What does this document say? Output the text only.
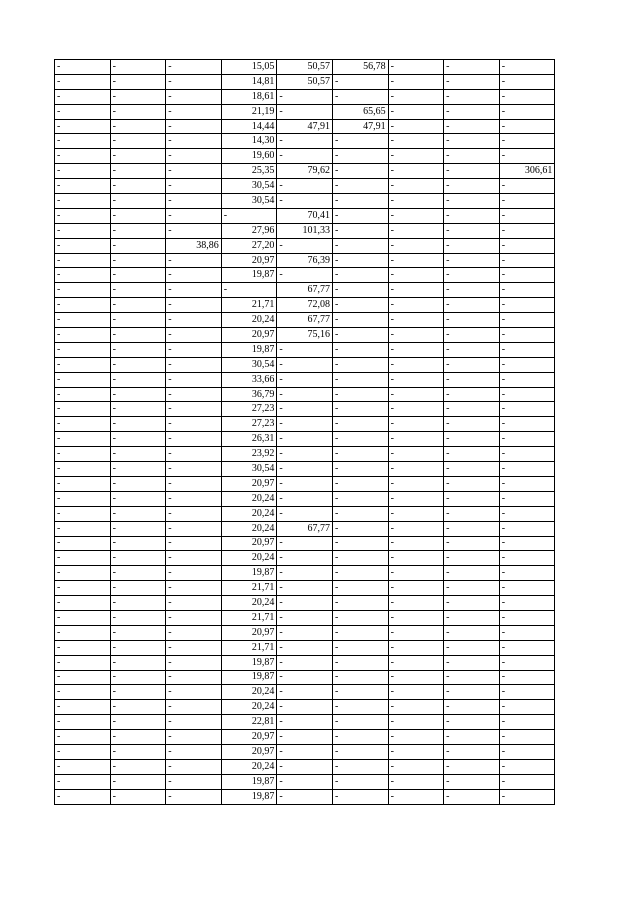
-	-	-	15,05	50,57	56,78	-	-	-
-	-	-	14,81	50,57	-	-	-	-
-	-	-	18,61	-	-	-	-	-
-	-	-	21,19	-	65,65	-	-	-
-	-	-	14,44	47,91	47,91	-	-	-
-	-	-	14,30	-	-	-	-	-
-	-	-	19,60	-	-	-	-	-
-	-	-	25,35	79,62	-	-	-	306,61
-	-	-	30,54	-	-	-	-	-
-	-	-	30,54	-	-	-	-	-
-	-	-	-	70,41	-	-	-	-
-	-	-	27,96	101,33	-	-	-	-
-	-	38,86	27,20	-	-	-	-	-
-	-	-	20,97	76,39	-	-	-	-
-	-	-	19,87	-	-	-	-	-
-	-	-	-	67,77	-	-	-	-
-	-	-	21,71	72,08	-	-	-	-
-	-	-	20,24	67,77	-	-	-	-
-	-	-	20,97	75,16	-	-	-	-
-	-	-	19,87	-	-	-	-	-
-	-	-	30,54	-	-	-	-	-
-	-	-	33,66	-	-	-	-	-
-	-	-	36,79	-	-	-	-	-
-	-	-	27,23	-	-	-	-	-
-	-	-	27,23	-	-	-	-	-
-	-	-	26,31	-	-	-	-	-
-	-	-	23,92	-	-	-	-	-
-	-	-	30,54	-	-	-	-	-
-	-	-	20,97	-	-	-	-	-
-	-	-	20,24	-	-	-	-	-
-	-	-	20,24	-	-	-	-	-
-	-	-	20,24	67,77	-	-	-	-
-	-	-	20,97	-	-	-	-	-
-	-	-	20,24	-	-	-	-	-
-	-	-	19,87	-	-	-	-	-
-	-	-	21,71	-	-	-	-	-
-	-	-	20,24	-	-	-	-	-
-	-	-	21,71	-	-	-	-	-
-	-	-	20,97	-	-	-	-	-
-	-	-	21,71	-	-	-	-	-
-	-	-	19,87	-	-	-	-	-
-	-	-	19,87	-	-	-	-	-
-	-	-	20,24	-	-	-	-	-
-	-	-	20,24	-	-	-	-	-
-	-	-	22,81	-	-	-	-	-
-	-	-	20,97	-	-	-	-	-
-	-	-	20,97	-	-	-	-	-
-	-	-	20,24	-	-	-	-	-
-	-	-	19,87	-	-	-	-	-
-	-	-	19,87	-	-	-	-	-
